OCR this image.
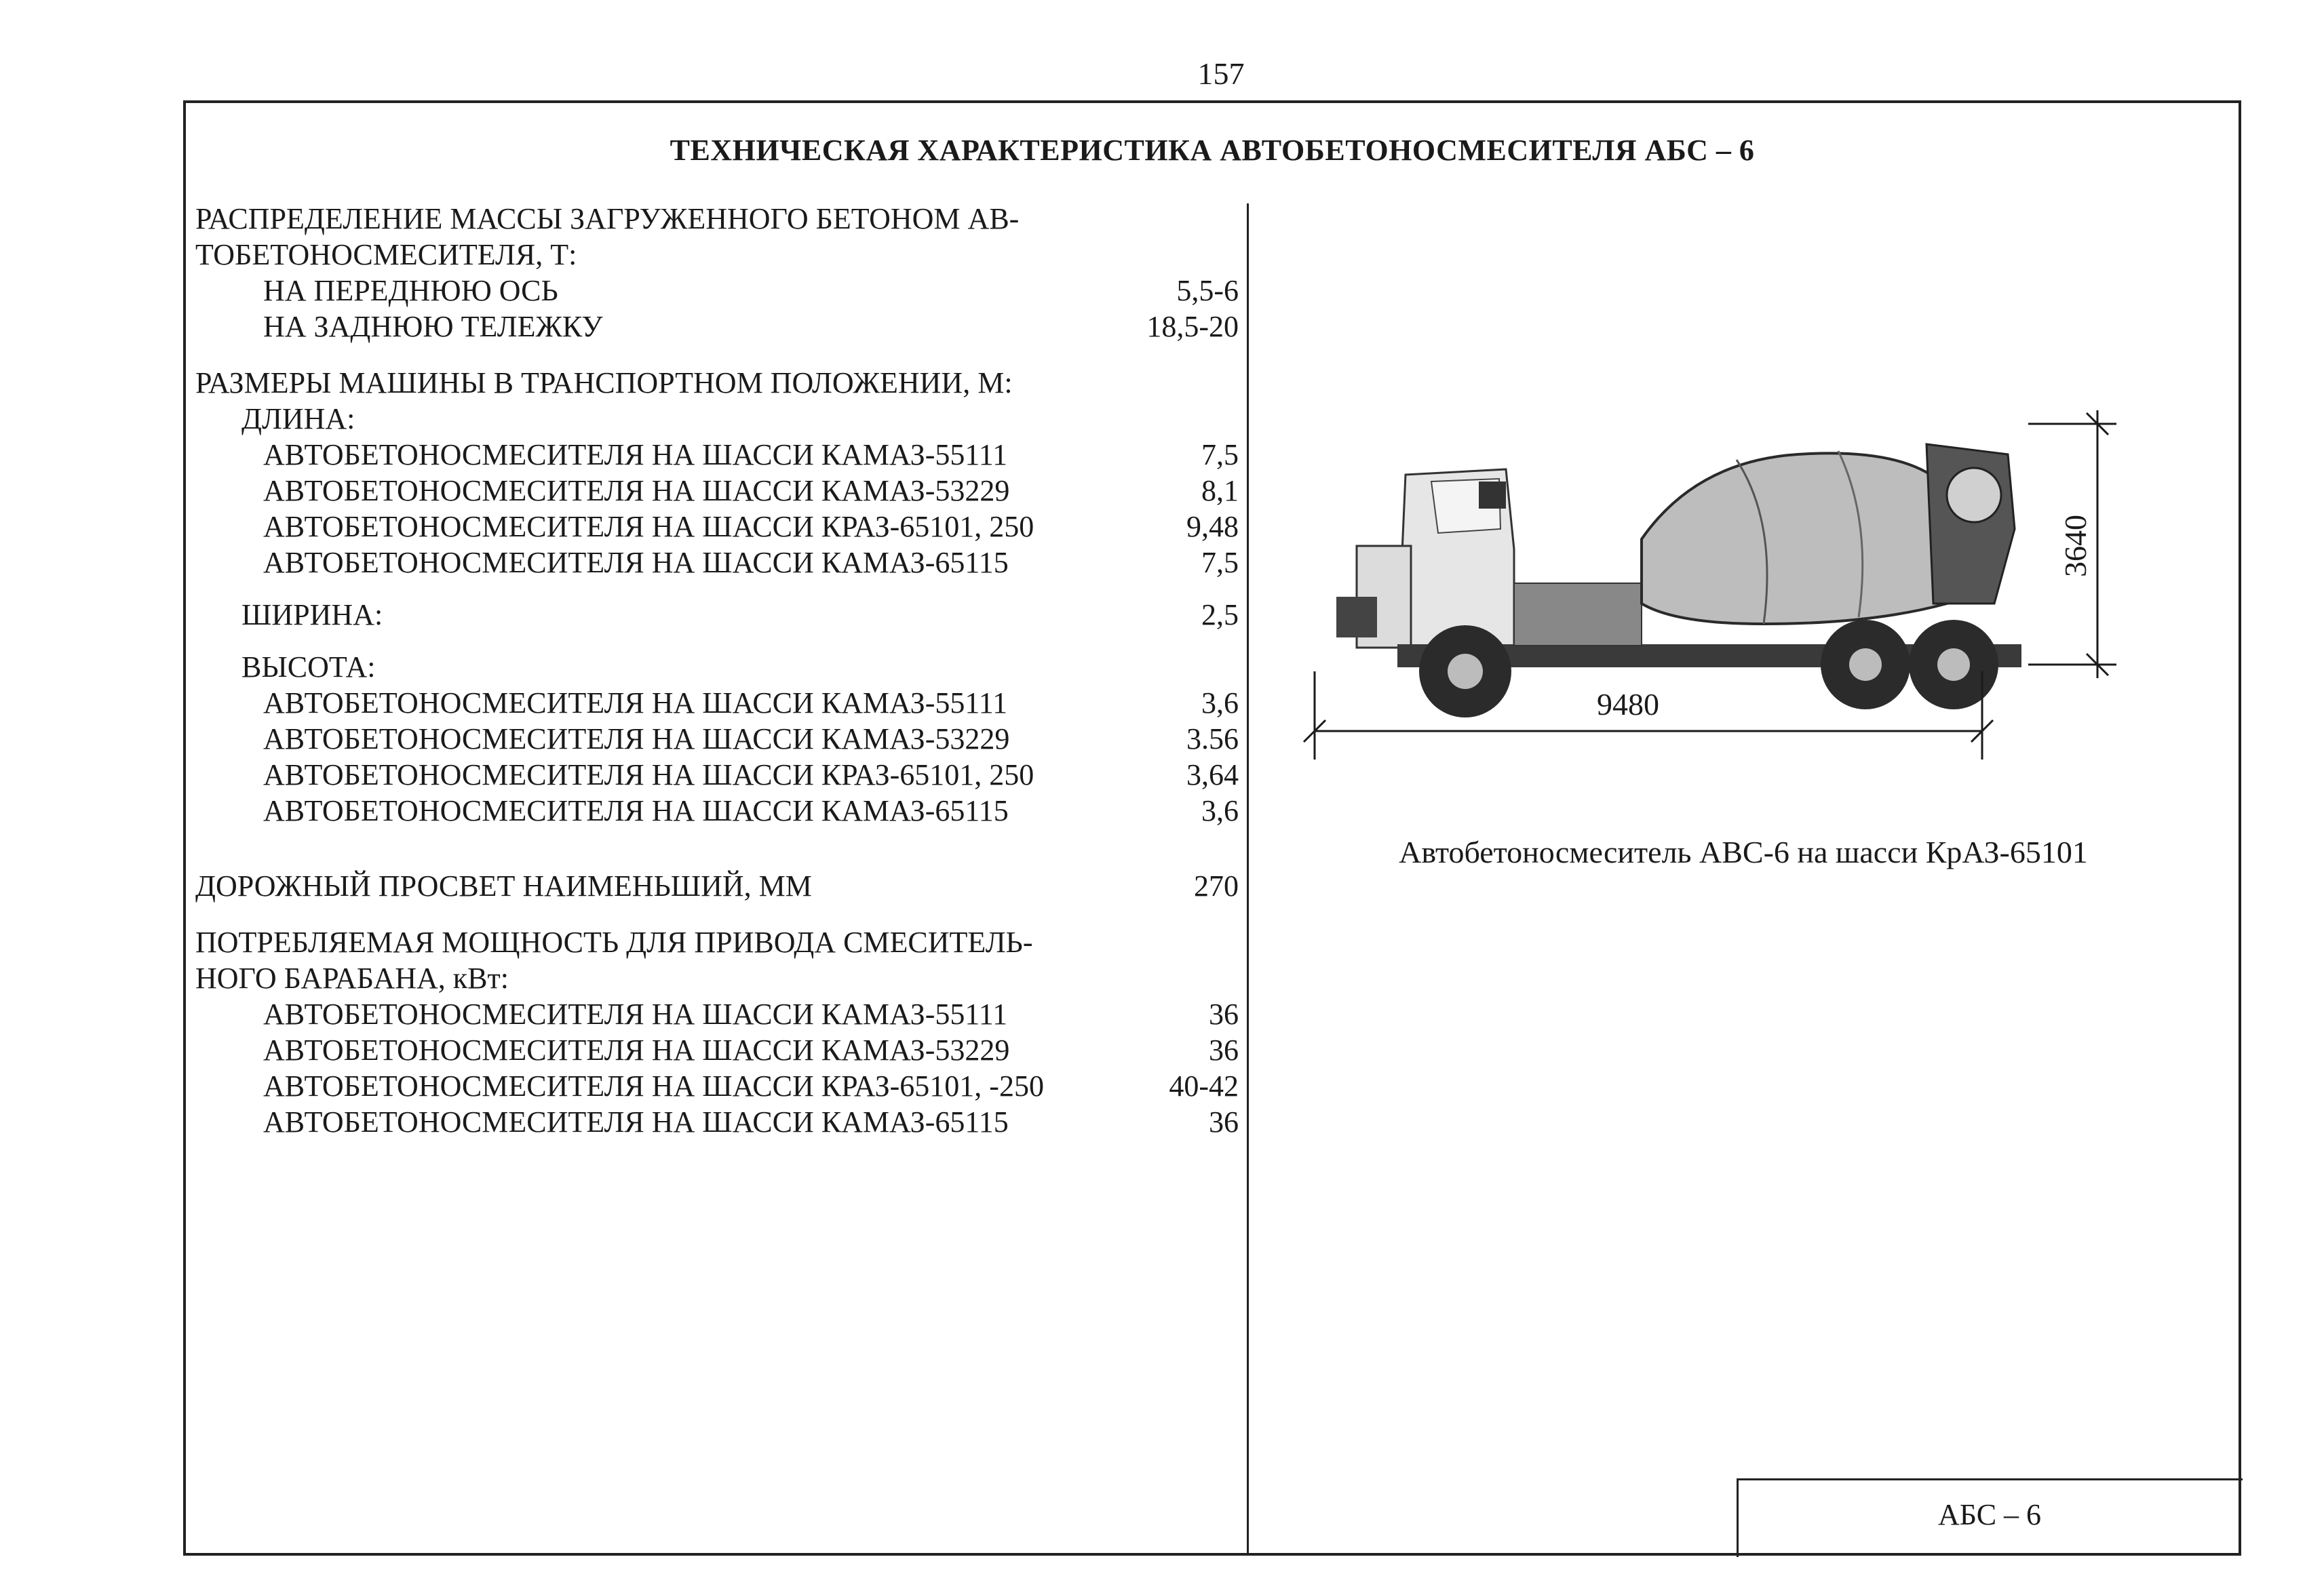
157
ТЕХНИЧЕСКАЯ ХАРАКТЕРИСТИКА АВТОБЕТОНОСМЕСИТЕЛЯ АБС – 6
РАСПРЕДЕЛЕНИЕ МАССЫ ЗАГРУЖЕННОГО БЕТОНОМ АВ-
ТОБЕТОНОСМЕСИТЕЛЯ, Т:
НА ПЕРЕДНЮЮ ОСЬ	5,5-6
НА ЗАДНЮЮ ТЕЛЕЖКУ	18,5-20
РАЗМЕРЫ МАШИНЫ В ТРАНСПОРТНОМ ПОЛОЖЕНИИ, М:
ДЛИНА:
АВТОБЕТОНОСМЕСИТЕЛЯ НА ШАССИ КАМАЗ-55111	7,5
АВТОБЕТОНОСМЕСИТЕЛЯ НА ШАССИ КАМАЗ-53229	8,1
АВТОБЕТОНОСМЕСИТЕЛЯ НА ШАССИ КРАЗ-65101, 250	9,48
АВТОБЕТОНОСМЕСИТЕЛЯ НА ШАССИ КАМАЗ-65115	7,5
ШИРИНА:	2,5
ВЫСОТА:
АВТОБЕТОНОСМЕСИТЕЛЯ НА ШАССИ КАМАЗ-55111	3,6
АВТОБЕТОНОСМЕСИТЕЛЯ НА ШАССИ КАМАЗ-53229	3.56
АВТОБЕТОНОСМЕСИТЕЛЯ НА ШАССИ КРАЗ-65101, 250	3,64
АВТОБЕТОНОСМЕСИТЕЛЯ НА ШАССИ КАМАЗ-65115	3,6
ДОРОЖНЫЙ ПРОСВЕТ НАИМЕНЬШИЙ, ММ	270
ПОТРЕБЛЯЕМАЯ МОЩНОСТЬ ДЛЯ ПРИВОДА СМЕСИТЕЛЬ-
НОГО БАРАБАНА, кВт:
АВТОБЕТОНОСМЕСИТЕЛЯ НА ШАССИ КАМАЗ-55111	36
АВТОБЕТОНОСМЕСИТЕЛЯ НА ШАССИ КАМАЗ-53229	36
АВТОБЕТОНОСМЕСИТЕЛЯ НА ШАССИ КРАЗ-65101, -250	40-42
АВТОБЕТОНОСМЕСИТЕЛЯ НА ШАССИ КАМАЗ-65115	36
9480
3640
Автобетоносмеситель АВС-6 на шасси КрАЗ-65101
АБС – 6
